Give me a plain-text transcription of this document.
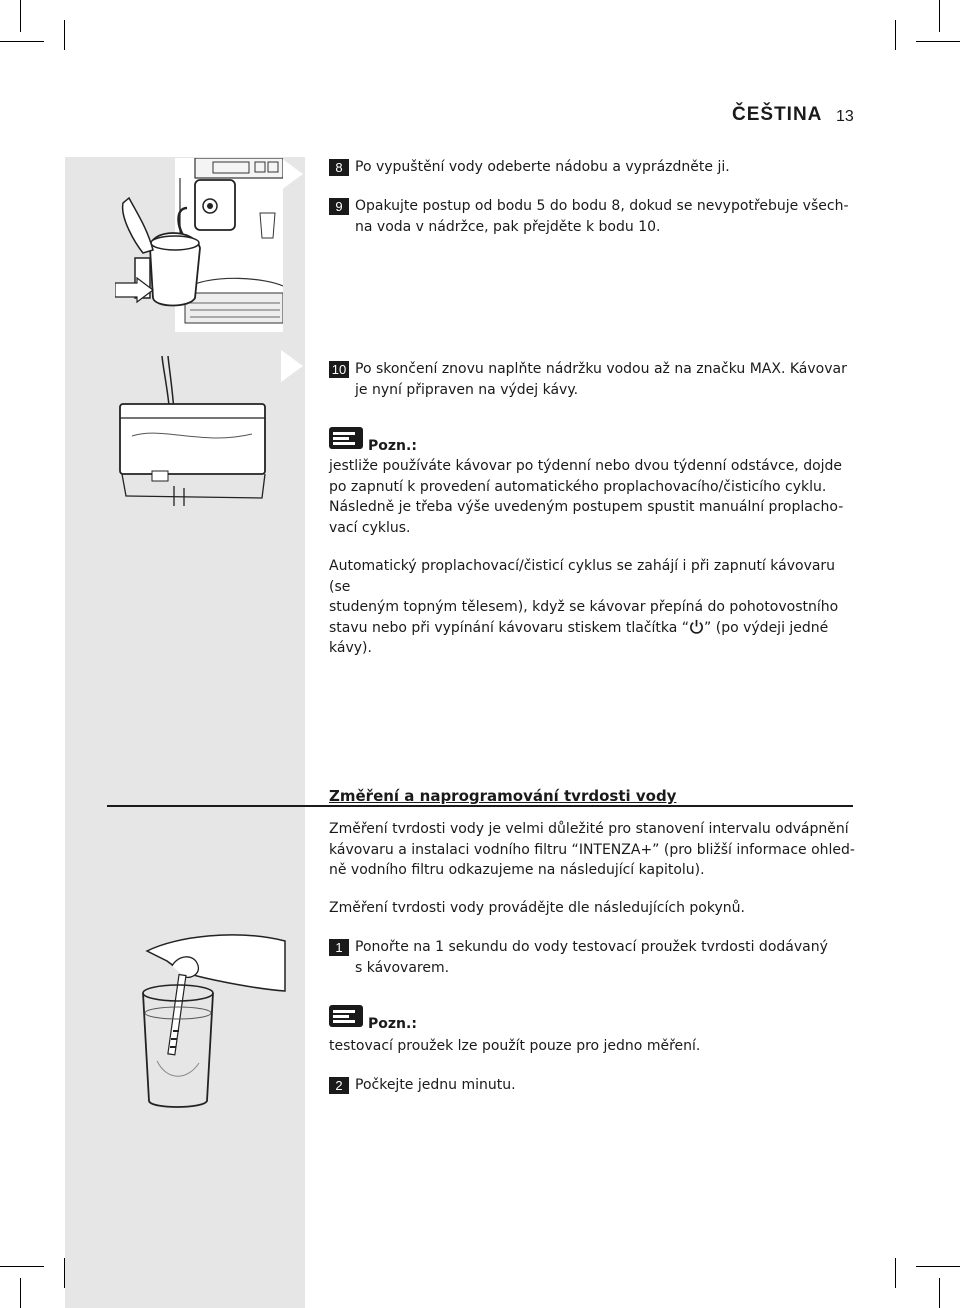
ČEŠTINA 13
8 Po vypuštění vody odeberte nádobu a vyprázdněte ji.
9 Opakujte postup od bodu 5 do bodu 8, dokud se nevypotřebuje všech-
na voda v nádržce, pak přejděte k bodu 10.
10 Po skončení znovu naplňte nádržku vodou až na značku MAX. Kávovar
je nyní připraven na výdej kávy.
Pozn.:
jestliže používáte kávovar po týdenní nebo dvou týdenní odstávce, dojde
po zapnutí k provedení automatického proplachovacího/čisticího cyklu.
Následně je třeba výše uvedeným postupem spustit manuální proplacho-
vací cyklus.
Automatický proplachovací/čisticí cyklus se zahájí i při zapnutí kávovaru (se
studeným topným tělesem), když se kávovar přepíná do pohotovostního
stavu nebo při vypínání kávovaru stiskem tlačítka “ ” (po výdeji jedné kávy).
Změření a naprogramování tvrdosti vody
Změření tvrdosti vody je velmi důležité pro stanovení intervalu odvápnění
kávovaru a instalaci vodního filtru “INTENZA+” (pro bližší informace ohled-
ně vodního filtru odkazujeme na následující kapitolu).
Změření tvrdosti vody provádějte dle následujících pokynů.
1 Ponořte na 1 sekundu do vody testovací proužek tvrdosti dodávaný
s kávovarem.
Pozn.:
testovací proužek lze použít pouze pro jedno měření.
2 Počkejte jednu minutu.
